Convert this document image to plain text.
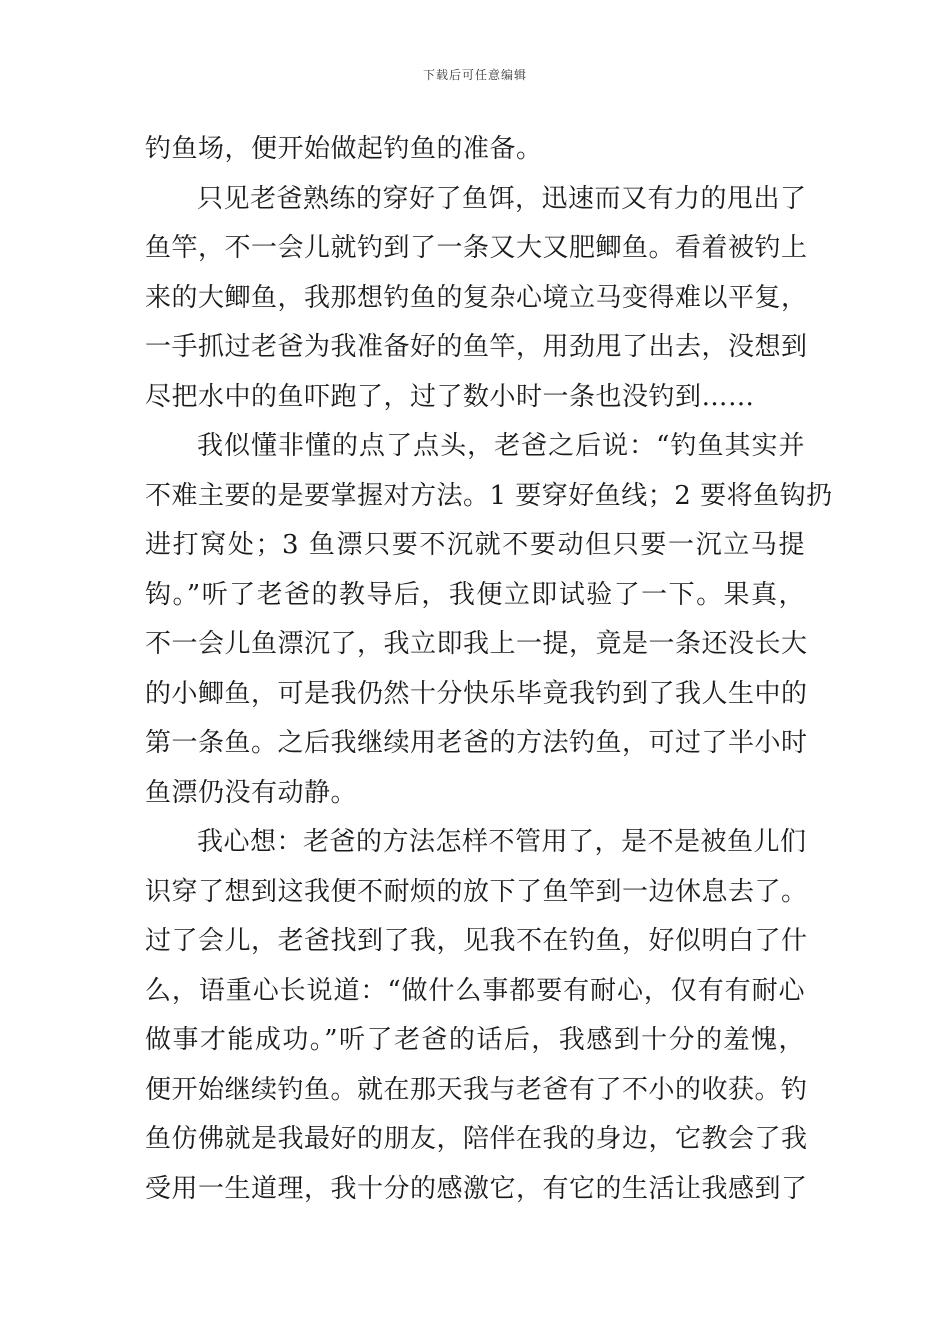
下载后可任意编辑
钓鱼场，便开始做起钓鱼的准备。
只见老爸熟练的穿好了鱼饵，迅速而又有力的甩出了
鱼竿，不一会儿就钓到了一条又大又肥鲫鱼。看着被钓上
来的大鲫鱼，我那想钓鱼的复杂心境立马变得难以平复，
一手抓过老爸为我准备好的鱼竿，用劲甩了出去，没想到
尽把水中的鱼吓跑了，过了数小时一条也没钓到……
我似懂非懂的点了点头，老爸之后说：“钓鱼其实并
不难主要的是要掌握对方法。1 要穿好鱼线；2 要将鱼钩扔
进打窝处；3 鱼漂只要不沉就不要动但只要一沉立马提
钩。”听了老爸的教导后，我便立即试验了一下。果真，
不一会儿鱼漂沉了，我立即我上一提，竟是一条还没长大
的小鲫鱼，可是我仍然十分快乐毕竟我钓到了我人生中的
第一条鱼。之后我继续用老爸的方法钓鱼，可过了半小时
鱼漂仍没有动静。
我心想：老爸的方法怎样不管用了，是不是被鱼儿们
识穿了想到这我便不耐烦的放下了鱼竿到一边休息去了。
过了会儿，老爸找到了我，见我不在钓鱼，好似明白了什
么，语重心长说道：“做什么事都要有耐心，仅有有耐心
做事才能成功。”听了老爸的话后，我感到十分的羞愧，
便开始继续钓鱼。就在那天我与老爸有了不小的收获。钓
鱼仿佛就是我最好的朋友，陪伴在我的身边，它教会了我
受用一生道理，我十分的感激它，有它的生活让我感到了
